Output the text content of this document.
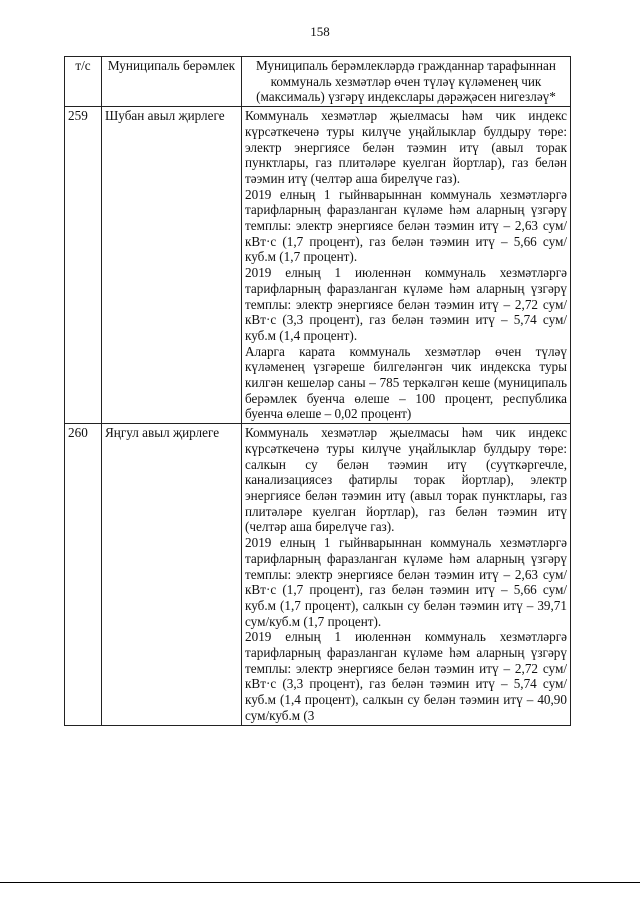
158
т/с	Муниципаль берәмлек	Муниципаль берәмлекләрдә гражданнар тарафыннан коммуналь хезмәтләр өчен түләү күләменең чик (максималь) үзгәрү индекслары дәрәҗәсен нигезләү*
259	Шубан авыл җирлеге	Коммуналь хезмәтләр җыелмасы һәм чик индекс күрсәткеченә туры килүче уңайлыклар булдыру төре: электр энергиясе белән тәэмин итү (авыл торак пунктлары, газ плитәләре куелган йортлар), газ белән тәэмин итү (челтәр аша бирелүче газ).

2019 елның 1 гыйнварыннан коммуналь хезмәтләргә тарифларның фаразланган күләме һәм аларның үзгәрү темплы: электр энергиясе белән тәэмин итү – 2,63 сум/кВт·с (1,7 процент), газ белән тәэмин итү – 5,66 сум/куб.м (1,7 процент).

2019 елның 1 июленнән коммуналь хезмәтләргә тарифларның фаразланган күләме һәм аларның үзгәрү темплы: электр энергиясе белән тәэмин итү – 2,72 сум/кВт·с (3,3 процент), газ белән тәэмин итү – 5,74 сум/куб.м (1,4 процент).

Аларга карата коммуналь хезмәтләр өчен түләү күләменең үзгәреше билгеләнгән чик индекска туры килгән кешеләр саны – 785 теркәлгән кеше (муниципаль берәмлек буенча өлеше – 100 процент, республика буенча өлеше – 0,02 процент)

260	Яңгул авыл җирлеге	Коммуналь хезмәтләр җыелмасы һәм чик индекс күрсәткеченә туры килүче уңайлыклар булдыру төре: салкын су белән тәэмин итү (суүткәргечле, канализациясез фатирлы торак йортлар), электр энергиясе белән тәэмин итү (авыл торак пунктлары, газ плитәләре куелган йортлар), газ белән тәэмин итү (челтәр аша бирелүче газ).

2019 елның 1 гыйнварыннан коммуналь хезмәтләргә тарифларның фаразланган күләме һәм аларның үзгәрү темплы: электр энергиясе белән тәэмин итү – 2,63 сум/кВт·с (1,7 процент), газ белән тәэмин итү – 5,66 сум/куб.м (1,7 процент), салкын су белән тәэмин итү – 39,71 сум/куб.м (1,7 процент).

2019 елның 1 июленнән коммуналь хезмәтләргә тарифларның фаразланган күләме һәм аларның үзгәрү темплы: электр энергиясе белән тәэмин итү – 2,72 сум/кВт·с (3,3 процент), газ белән тәэмин итү – 5,74 сум/куб.м (1,4 процент), салкын су белән тәэмин итү – 40,90 сум/куб.м (3
